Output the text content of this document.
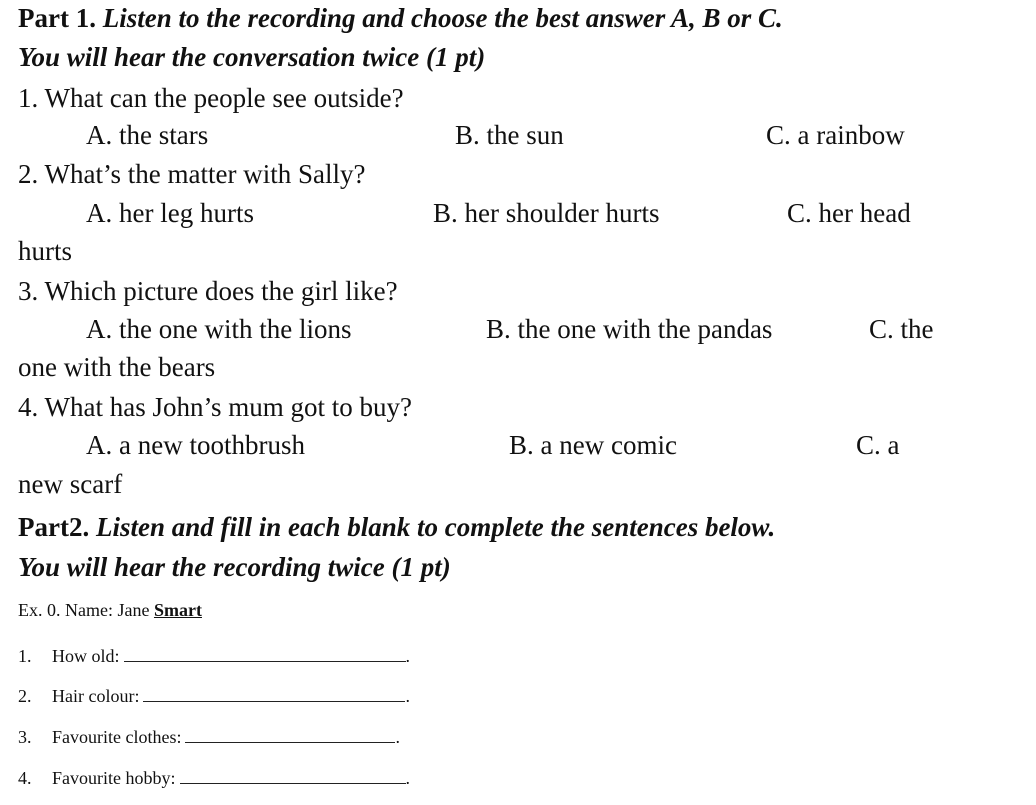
Part 1. Listen to the recording and choose the best answer A, B or C.
You will hear the conversation twice (1 pt)
1. What can the people see outside?
A. the stars	B. the sun	C. a rainbow
2. What’s the matter with Sally?
A. her leg hurts	B. her shoulder hurts	C. her head
hurts
3. Which picture does the girl like?
A. the one with the lions	B. the one with the pandas	C. the
one with the bears
4. What has John’s mum got to buy?
A. a new toothbrush	B. a new comic	C. a
new scarf
Part2. Listen and fill in each blank to complete the sentences below.
You will hear the recording twice (1 pt)
Ex. 0. Name: Jane Smart
1. How old:	.
2. Hair colour:	.
3. Favourite clothes:	.
4. Favourite hobby:	.
